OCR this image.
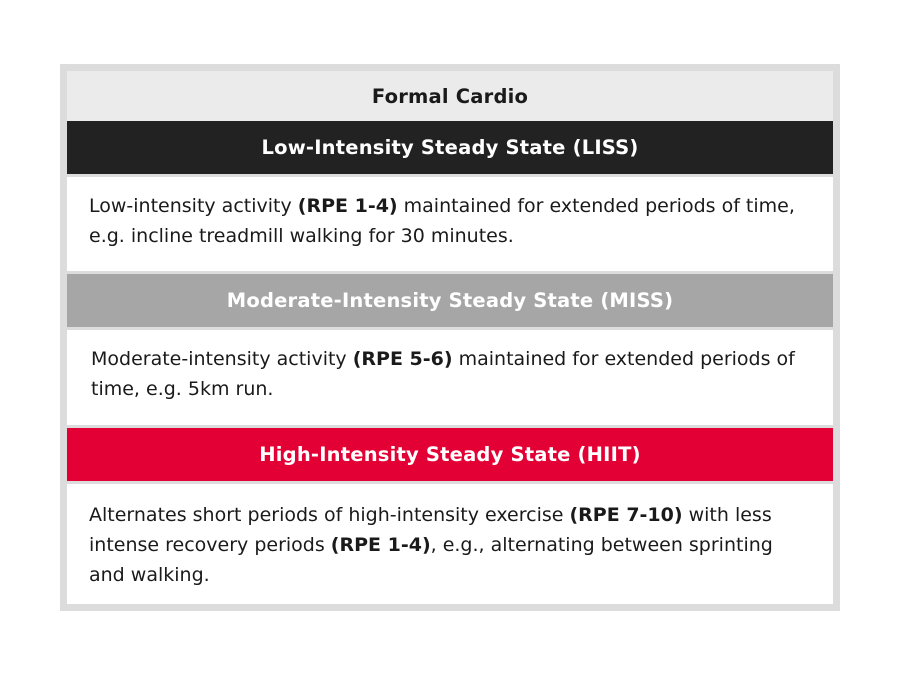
Formal Cardio
Low-Intensity Steady State (LISS)
Low-intensity activity (RPE 1-4) maintained for extended periods of time, e.g. incline treadmill walking for 30 minutes.
Moderate-Intensity Steady State (MISS)
Moderate-intensity activity (RPE 5-6) maintained for extended periods of time, e.g. 5km run.
High-Intensity Steady State (HIIT)
Alternates short periods of high-intensity exercise (RPE 7-10) with less intense recovery periods (RPE 1-4), e.g., alternating between sprinting and walking.
